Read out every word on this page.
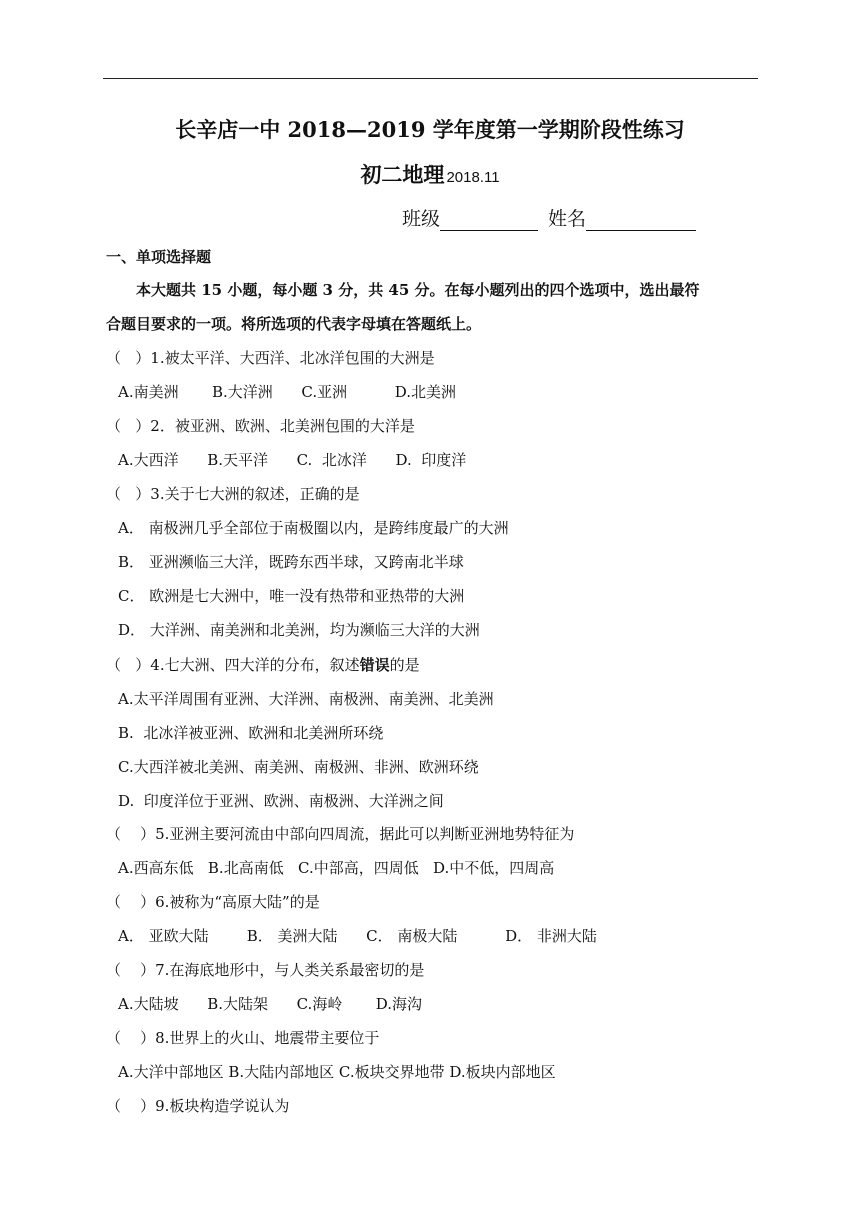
长辛店一中 2018—2019 学年度第一学期阶段性练习
初二地理 2018.11
班级	姓名
一、单项选择题
本大题共 15 小题，每小题 3 分，共 45 分。在每小题列出的四个选项中，选出最符
合题目要求的一项。将所选项的代表字母填在答题纸上。
（   ）1.被太平洋、大西洋、北冰洋包围的大洲是
A.南美洲       B.大洋洲      C.亚洲          D.北美洲
（   ）2．被亚洲、欧洲、北美洲包围的大洋是
A.大西洋      B.天平洋      C.  北冰洋      D.  印度洋
（   ）3.关于七大洲的叙述，正确的是
A． 南极洲几乎全部位于南极圈以内，是跨纬度最广的大洲
B． 亚洲濒临三大洋，既跨东西半球，又跨南北半球
C． 欧洲是七大洲中，唯一没有热带和亚热带的大洲
D． 大洋洲、南美洲和北美洲，均为濒临三大洋的大洲
（   ）4.七大洲、四大洋的分布，叙述错误的是
A.太平洋周围有亚洲、大洋洲、南极洲、南美洲、北美洲
B.  北冰洋被亚洲、欧洲和北美洲所环绕
C.大西洋被北美洲、南美洲、南极洲、非洲、欧洲环绕
D.  印度洋位于亚洲、欧洲、南极洲、大洋洲之间
（    ）5.亚洲主要河流由中部向四周流，据此可以判断亚洲地势特征为
A.西高东低   B.北高南低   C.中部高，四周低   D.中不低，四周高
（    ）6.被称为“高原大陆”的是
A． 亚欧大陆        B． 美洲大陆      C． 南极大陆          D． 非洲大陆
（    ）7.在海底地形中，与人类关系最密切的是
A.大陆坡      B.大陆架      C.海岭       D.海沟
（    ）8.世界上的火山、地震带主要位于
A.大洋中部地区 B.大陆内部地区 C.板块交界地带 D.板块内部地区
（    ）9.板块构造学说认为
